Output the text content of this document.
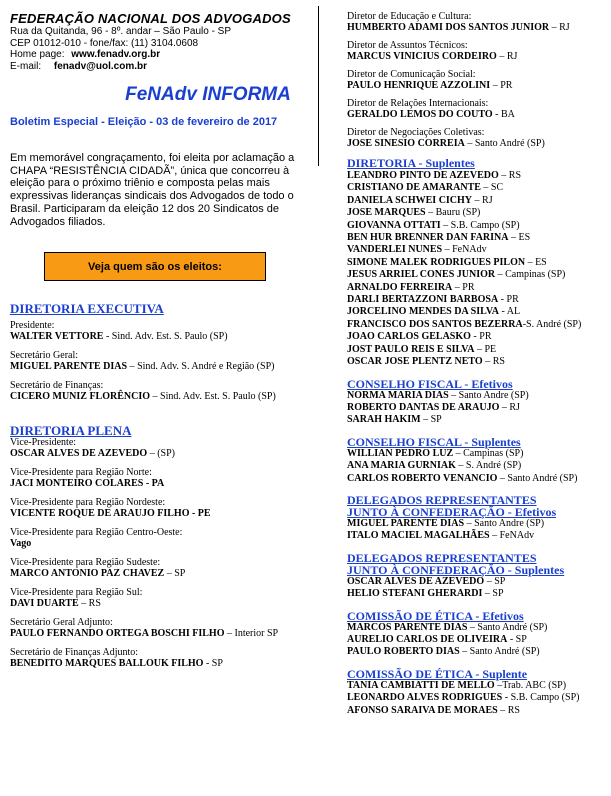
FEDERAÇÃO NACIONAL DOS ADVOGADOS
Rua da Quitanda, 96 - 8º. andar – São Paulo - SP
CEP 01012-010 - fone/fax: (11) 3104.0608
Home page: www.fenadv.org.br
E-mail: fenadv@uol.com.br
FeNAdv INFORMA
Boletim Especial - Eleição - 03 de fevereiro de 2017
Em memorável congraçamento, foi eleita por aclamação a CHAPA “RESISTÊNCIA CIDADÃ”, única que concorreu à eleição para o próximo triênio e composta pelas mais expressivas lideranças sindicais dos Advogados de todo o Brasil. Participaram da eleição 12 dos 20 Sindicatos de Advogados filiados.
Veja quem são os eleitos:
DIRETORIA EXECUTIVA
Presidente:
WALTER VETTORE - Sind. Adv. Est. S. Paulo (SP)
Secretário Geral:
MIGUEL PARENTE DIAS – Sind. Adv. S. André e Região (SP)
Secretário de Finanças:
CICERO MUNIZ FLORÊNCIO – Sind. Adv. Est. S. Paulo (SP)
DIRETORIA PLENA
Vice-Presidente:
OSCAR ALVES DE AZEVEDO – (SP)
Vice-Presidente para Região Norte:
JACI MONTEIRO COLARES - PA
Vice-Presidente para Região Nordeste:
VICENTE ROQUE DE ARAUJO FILHO - PE
Vice-Presidente para Região Centro-Oeste:
Vago
Vice-Presidente para Região Sudeste:
MARCO ANTONIO PAZ CHAVEZ – SP
Vice-Presidente para Região Sul:
DAVI DUARTE – RS
Secretário Geral Adjunto:
PAULO FERNANDO ORTEGA BOSCHI FILHO – Interior SP
Secretário de Finanças Adjunto:
BENEDITO MARQUES BALLOUK FILHO - SP
Diretor de Educação e Cultura:
HUMBERTO ADAMI DOS SANTOS JUNIOR – RJ
Diretor de Assuntos Técnicos:
MARCUS VINICIUS CORDEIRO – RJ
Diretor de Comunicação Social:
PAULO HENRIQUE AZZOLINI – PR
Diretor de Relações Internacionais:
GERALDO LEMOS DO COUTO - BA
Diretor de Negociações Coletivas:
JOSE SINESIO CORREIA – Santo André (SP)
DIRETORIA - Suplentes
LEANDRO PINTO DE AZEVEDO – RS
CRISTIANO DE AMARANTE – SC
DANIELA SCHWEI CICHY – RJ
JOSE MARQUES – Bauru (SP)
GIOVANNA OTTATI – S.B. Campo (SP)
BEN HUR BRENNER DAN FARINA – ES
VANDERLEI NUNES – FeNAdv
SIMONE MALEK RODRIGUES PILON – ES
JESUS ARRIEL CONES JUNIOR – Campinas (SP)
ARNALDO FERREIRA – PR
DARLI BERTAZZONI BARBOSA - PR
JORCELINO MENDES DA SILVA - AL
FRANCISCO DOS SANTOS BEZERRA-S. André (SP)
JOAO CARLOS GELASKO - PR
JOST PAULO REIS E SILVA – PE
OSCAR JOSE PLENTZ NETO – RS
CONSELHO FISCAL - Efetivos
NORMA MARIA DIAS – Santo Andre (SP)
ROBERTO DANTAS DE ARAUJO – RJ
SARAH HAKIM – SP
CONSELHO FISCAL - Suplentes
WILLIAN PEDRO LUZ – Campinas (SP)
ANA MARIA GURNIAK – S. André (SP)
CARLOS ROBERTO VENANCIO – Santo André (SP)
DELEGADOS REPRESENTANTES
JUNTO À CONFEDERAÇÃO - Efetivos
MIGUEL PARENTE DIAS – Santo Andre (SP)
ITALO MACIEL MAGALHÃES – FeNAdv
DELEGADOS REPRESENTANTES
JUNTO À CONFEDERAÇÃO - Suplentes
OSCAR ALVES DE AZEVEDO – SP
HELIO STEFANI GHERARDI – SP
COMISSÃO DE ÉTICA - Efetivos
MARCOS PARENTE DIAS – Santo André (SP)
AURELIO CARLOS DE OLIVEIRA - SP
PAULO ROBERTO DIAS – Santo André (SP)
COMISSÃO DE ÉTICA - Suplente
TANIA CAMBIATTI DE MELLO –Trab. ABC (SP)
LEONARDO ALVES RODRIGUES - S.B. Campo (SP)
AFONSO SARAIVA DE MORAES – RS
